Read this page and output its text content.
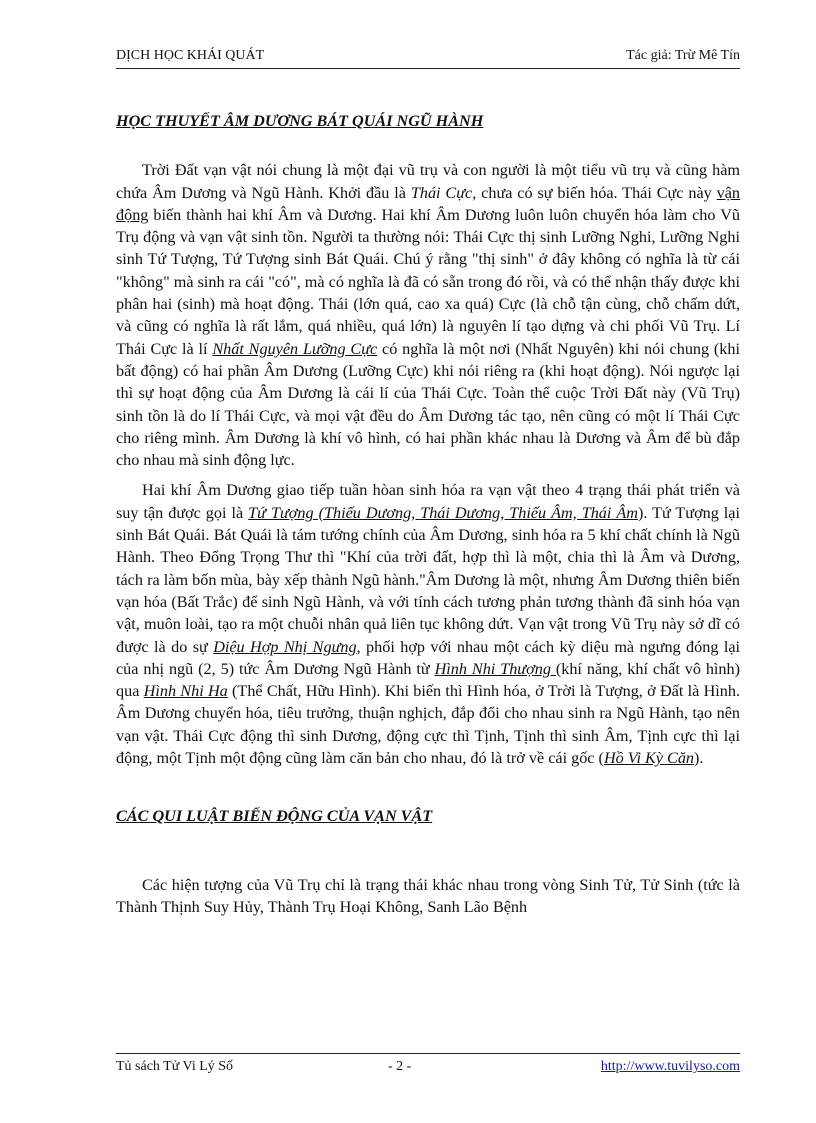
DỊCH HỌC KHÁI QUÁT	Tác giả: Trừ Mê Tín
HỌC THUYẾT ÂM DƯƠNG BÁT QUÁI NGŨ HÀNH

Trời Đất vạn vật nói chung là một đại vũ trụ và con người là một tiểu vũ trụ và cũng hàm chứa Âm Dương và Ngũ Hành. Khởi đầu là Thái Cực, chưa có sự biến hóa. Thái Cực này vận động biến thành hai khí Âm và Dương. Hai khí Âm Dương luôn luôn chuyển hóa làm cho Vũ Trụ động và vạn vật sinh tồn. Người ta thường nói: Thái Cực thị sinh Lưỡng Nghi, Lưỡng Nghi sinh Tứ Tượng, Tứ Tượng sinh Bát Quái. Chú ý rằng "thị sinh" ở đây không có nghĩa là từ cái "không" mà sinh ra cái "có", mà có nghĩa là đã có sẵn trong đó rồi, và có thể nhận thấy được khi phân hai (sinh) mà hoạt động. Thái (lớn quá, cao xa quá) Cực (là chỗ tận cùng, chỗ chấm dứt, và cũng có nghĩa là rất lắm, quá nhiều, quá lớn) là nguyên lí tạo dựng và chi phối Vũ Trụ. Lí Thái Cực là lí Nhất Nguyên Lưỡng Cực có nghĩa là một nơi (Nhất Nguyên) khi nói chung (khi bất động) có hai phần Âm Dương (Lưỡng Cực) khi nói riêng ra (khi hoạt động). Nói ngược lại thì sự hoạt động của Âm Dương là cái lí của Thái Cực. Toàn thể cuộc Trời Đất này (Vũ Trụ) sinh tồn là do lí Thái Cực, và mọi vật đều do Âm Dương tác tạo, nên cũng có một lí Thái Cực cho riêng mình. Âm Dương là khí vô hình, có hai phần khác nhau là Dương và Âm để bù đắp cho nhau mà sinh động lực.

Hai khí Âm Dương giao tiếp tuần hòan sinh hóa ra vạn vật theo 4 trạng thái phát triển và suy tận được gọi là Tứ Tượng (Thiếu Dương, Thái Dương, Thiếu Âm, Thái Âm). Tứ Tượng lại sinh Bát Quái. Bát Quái là tám tướng chính của Âm Dương, sinh hóa ra 5 khí chất chính là Ngũ Hành. Theo Đổng Trọng Thư thì "Khí của trời đất, hợp thì là một, chia thì là Âm và Dương, tách ra làm bốn mùa, bày xếp thành Ngũ hành."Âm Dương là một, nhưng Âm Dương thiên biến vạn hóa (Bất Trắc) để sinh Ngũ Hành, và với tính cách tương phản tương thành đã sinh hóa vạn vật, muôn loài, tạo ra một chuỗi nhân quả liên tục không dứt. Vạn vật trong Vũ Trụ này sở dĩ có được là do sự Diệu Hợp Nhị Ngưng, phối hợp với nhau một cách kỳ diệu mà ngưng đóng lại của nhị ngũ (2, 5) tức Âm Dương Ngũ Hành từ Hình Nhi Thượng (khí năng, khí chất vô hình) qua Hình Nhi Ha (Thể Chất, Hữu Hình). Khi biến thì Hình hóa, ở Trời là Tượng, ở Đất là Hình. Âm Dương chuyển hóa, tiêu trưởng, thuận nghịch, đắp đổi cho nhau sinh ra Ngũ Hành, tạo nên vạn vật. Thái Cực động thì sinh Dương, động cực thì Tịnh, Tịnh thì sinh Âm, Tịnh cực thì lại động, một Tịnh một động cũng làm căn bản cho nhau, đó là trở về cái gốc (Hồ Vi Kỳ Căn).

CÁC QUI LUẬT BIẾN ĐỘNG CỦA VẠN VẬT

Các hiện tượng của Vũ Trụ chỉ là trạng thái khác nhau trong vòng Sinh Tử, Tử Sinh (tức là Thành Thịnh Suy Hủy, Thành Trụ Hoại Không, Sanh Lão Bệnh

Tủ sách Tử Vi Lý Số	- 2 -	http://www.tuvilyso.com
